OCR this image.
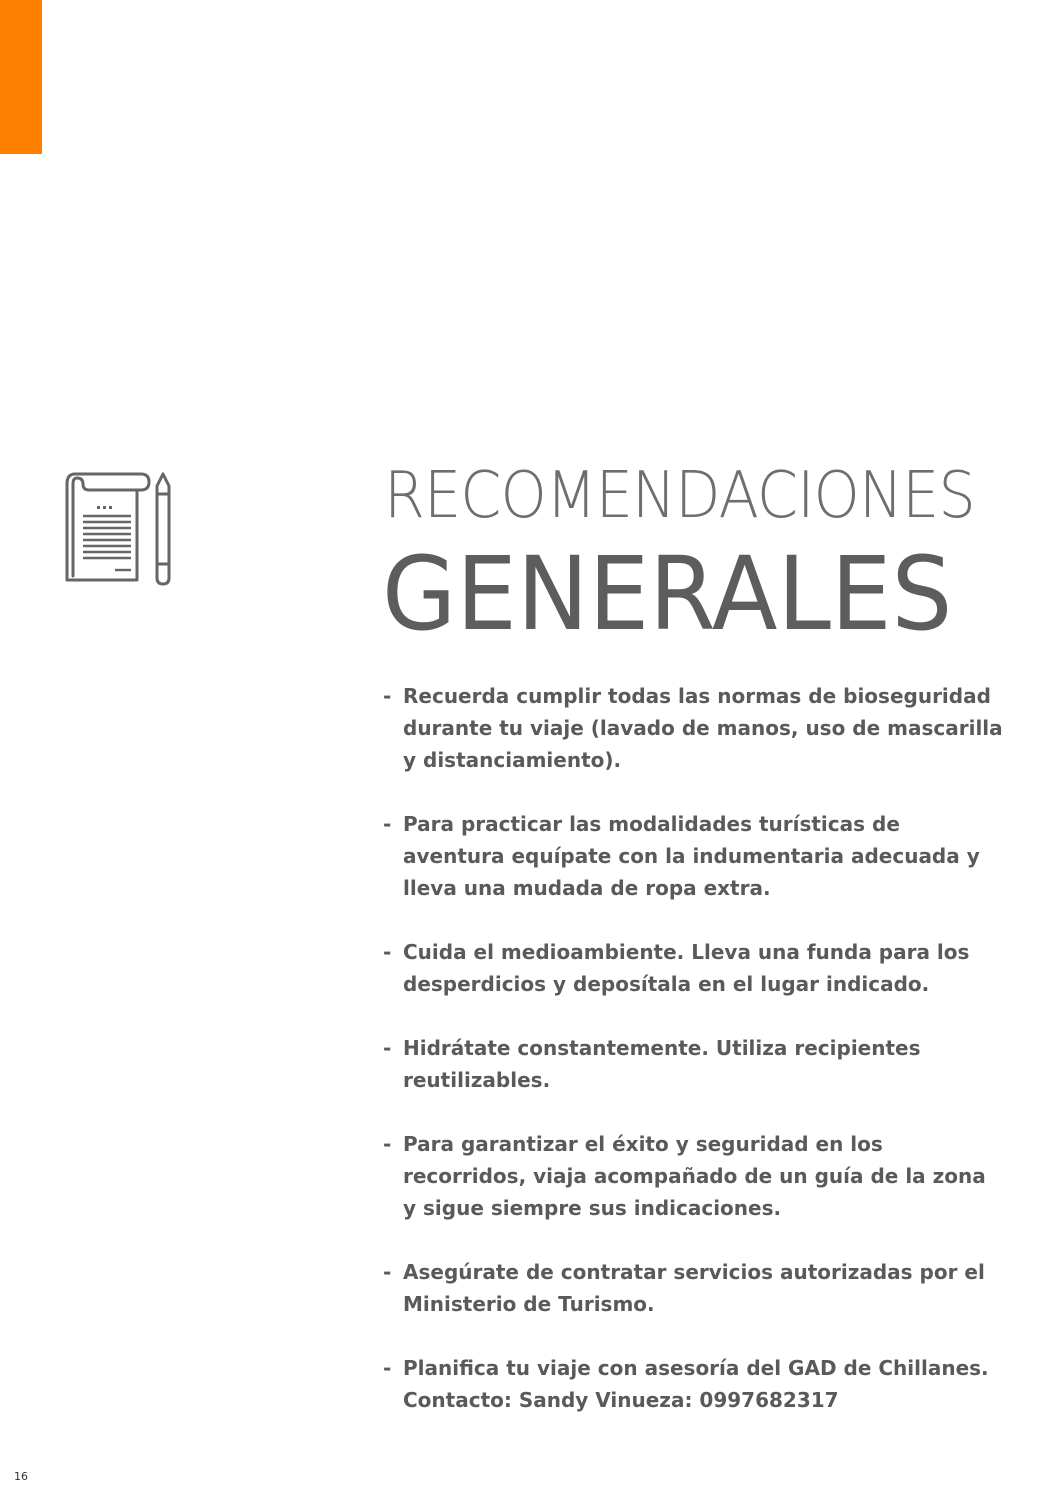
RECOMENDACIONES
GENERALES
- Recuerda cumplir todas las normas de bioseguridad durante tu viaje (lavado de manos, uso de mascarilla y distanciamiento).
- Para practicar las modalidades turísticas de aventura equípate con la indumentaria adecuada y lleva una mudada de ropa extra.
- Cuida el medioambiente. Lleva una funda para los desperdicios y deposítala en el lugar indicado.
- Hidrátate constantemente. Utiliza recipientes reutilizables.
- Para garantizar el éxito y seguridad en los recorridos, viaja acompañado de un guía de la zona y sigue siempre sus indicaciones.
- Asegúrate de contratar servicios autorizadas por el Ministerio de Turismo.
- Planifica tu viaje con asesoría del GAD de Chillanes. Contacto: Sandy Vinueza: 0997682317
16
